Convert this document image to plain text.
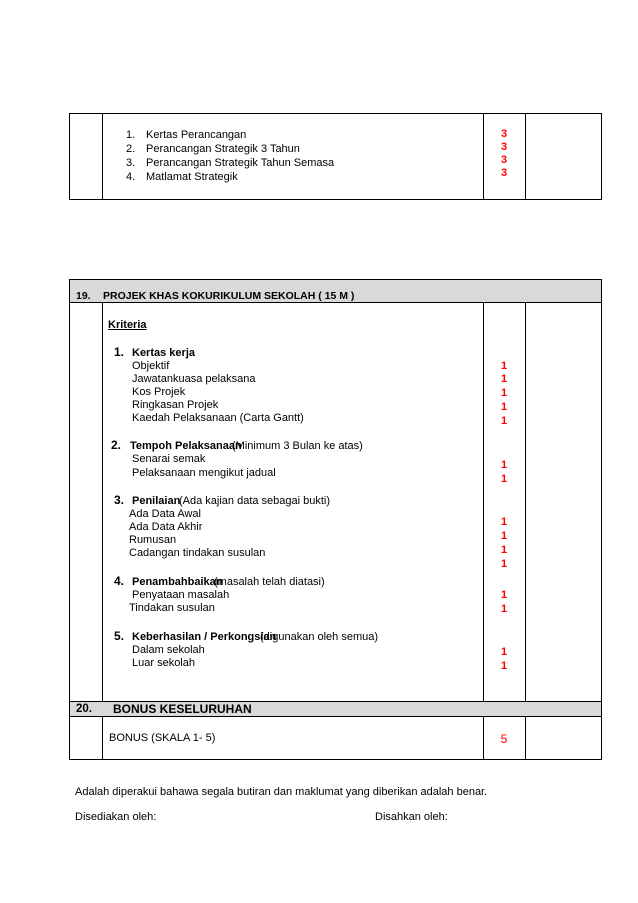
1. Kertas Perancangan
2. Perancangan Strategik 3 Tahun
3. Perancangan Strategik Tahun Semasa
4. Matlamat Strategik
3
3
3
3
19. PROJEK KHAS KOKURIKULUM SEKOLAH ( 15 M )
Kriteria
1. Kertas kerja
Objektif
Jawatankuasa pelaksana
Kos Projek
Ringkasan Projek
Kaedah Pelaksanaan (Carta Gantt)
2. Tempoh Pelaksanaan
(Minimum 3 Bulan ke atas)
Senarai semak
Pelaksanaan mengikut jadual
3. Penilaian
(Ada kajian data sebagai bukti)
Ada Data Awal
Ada Data Akhir
Rumusan
Cadangan tindakan susulan
4. Penambahbaikan
(masalah telah diatasi)
Penyataan masalah
Tindakan susulan
5. Keberhasilan / Perkongsian
(digunakan oleh semua)
Dalam sekolah
Luar sekolah
1
1
1
1
1
1
1
1
1
1
1
1
1
1
1
20. BONUS KESELURUHAN
BONUS (SKALA 1- 5)	5
Adalah diperakui bahawa segala butiran dan maklumat yang diberikan adalah benar.
Disediakan oleh:	Disahkan oleh:
